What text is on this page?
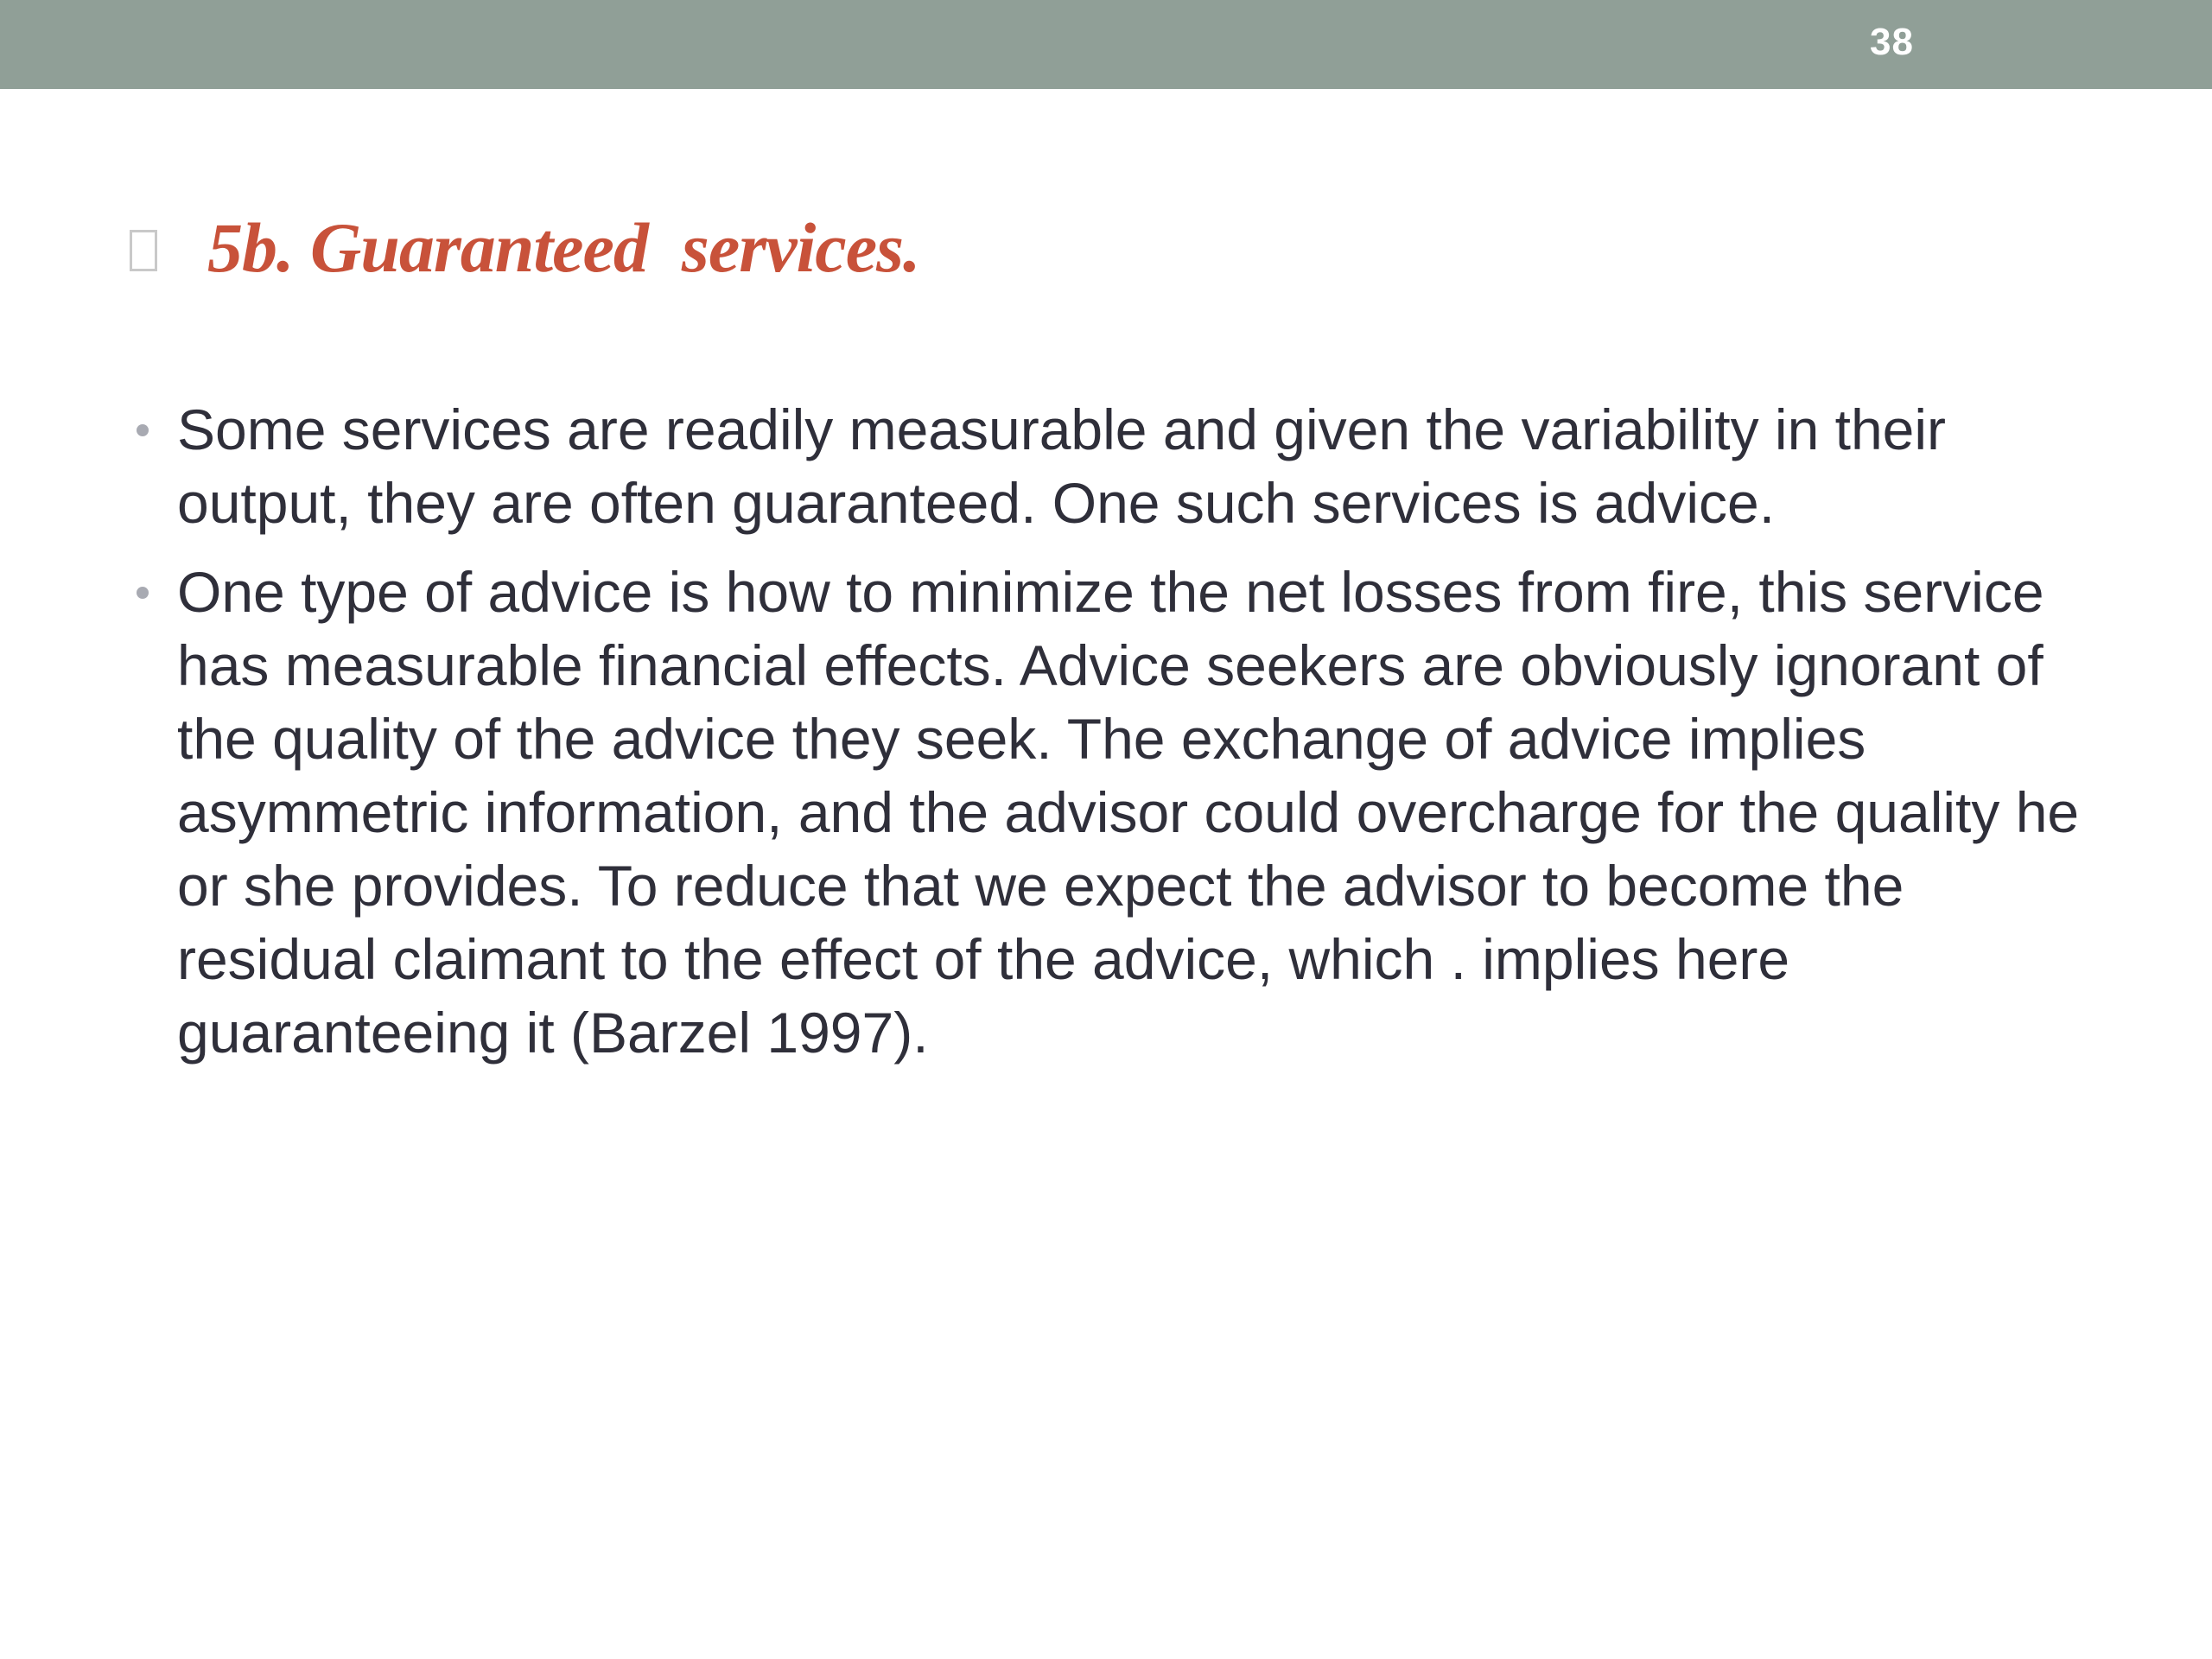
38
5b. Guaranteed  services.
Some services are readily measurable and given the variability in their output, they are often guaranteed. One such services is advice.
One type of advice is how to minimize the net losses from fire, this service has measurable financial effects. Advice seekers are obviously ignorant of the quality of the advice they seek. The exchange of advice implies asymmetric information, and the advisor could overcharge for the quality he or she provides. To reduce that we expect the advisor to become the residual claimant to the effect of the advice, which . implies here guaranteeing it (Barzel 1997).
